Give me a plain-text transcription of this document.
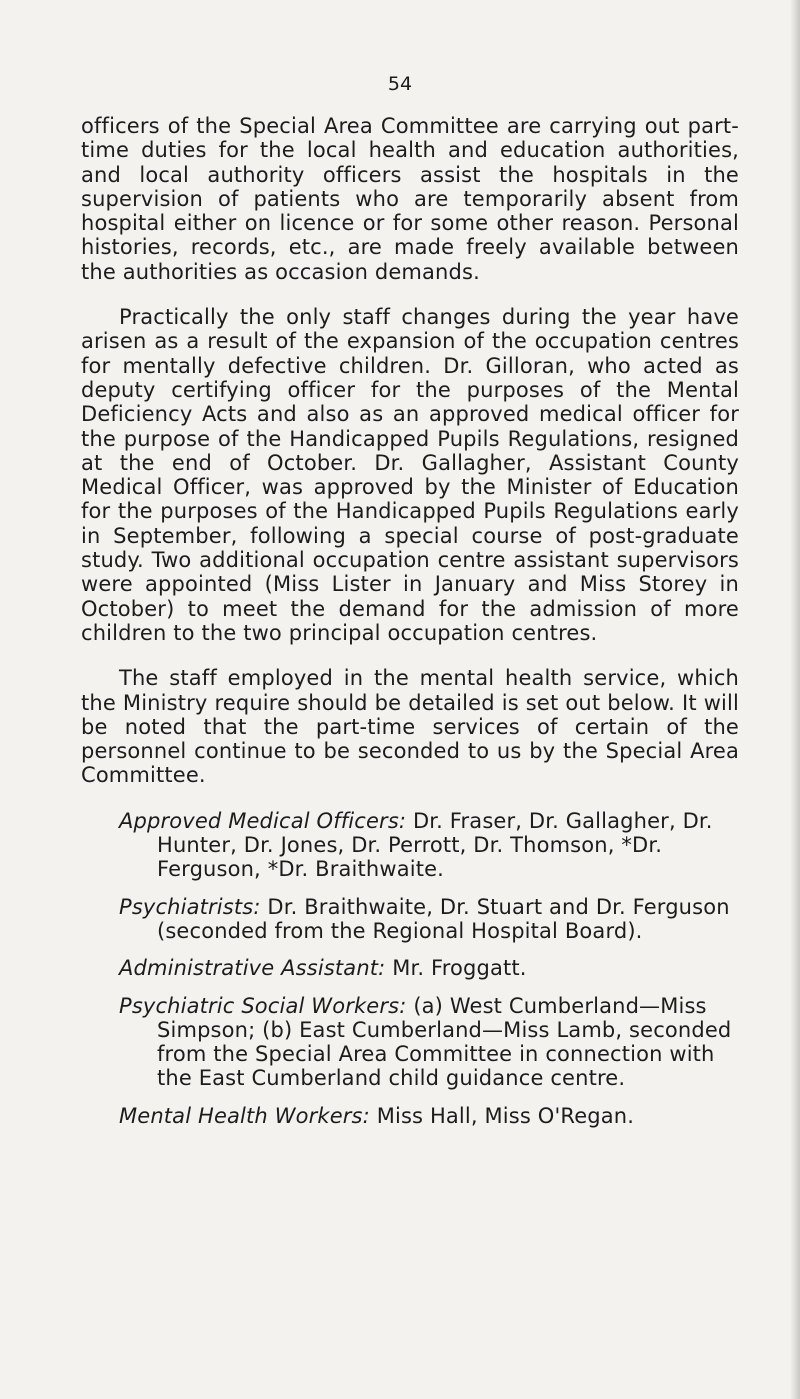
54

officers of the Special Area Committee are carrying out part-time duties for the local health and education authorities, and local authority officers assist the hospitals in the supervision of patients who are temporarily absent from hospital either on licence or for some other reason. Personal histories, records, etc., are made freely available between the authorities as occasion demands.

Practically the only staff changes during the year have arisen as a result of the expansion of the occupation centres for mentally defective children. Dr. Gilloran, who acted as deputy certifying officer for the purposes of the Mental Deficiency Acts and also as an approved medical officer for the purpose of the Handicapped Pupils Regulations, resigned at the end of October. Dr. Gallagher, Assistant County Medical Officer, was approved by the Minister of Education for the purposes of the Handicapped Pupils Regulations early in September, following a special course of post-graduate study. Two additional occupation centre assistant supervisors were appointed (Miss Lister in January and Miss Storey in October) to meet the demand for the admission of more children to the two principal occupation centres.

The staff employed in the mental health service, which the Ministry require should be detailed is set out below. It will be noted that the part-time services of certain of the personnel continue to be seconded to us by the Special Area Committee.

Approved Medical Officers: Dr. Fraser, Dr. Gallagher, Dr. Hunter, Dr. Jones, Dr. Perrott, Dr. Thomson, *Dr. Ferguson, *Dr. Braithwaite.

Psychiatrists: Dr. Braithwaite, Dr. Stuart and Dr. Ferguson (seconded from the Regional Hospital Board).

Administrative Assistant: Mr. Froggatt.

Psychiatric Social Workers: (a) West Cumberland—Miss Simpson; (b) East Cumberland—Miss Lamb, seconded from the Special Area Committee in connection with the East Cumberland child guidance centre.

Mental Health Workers: Miss Hall, Miss O'Regan.
